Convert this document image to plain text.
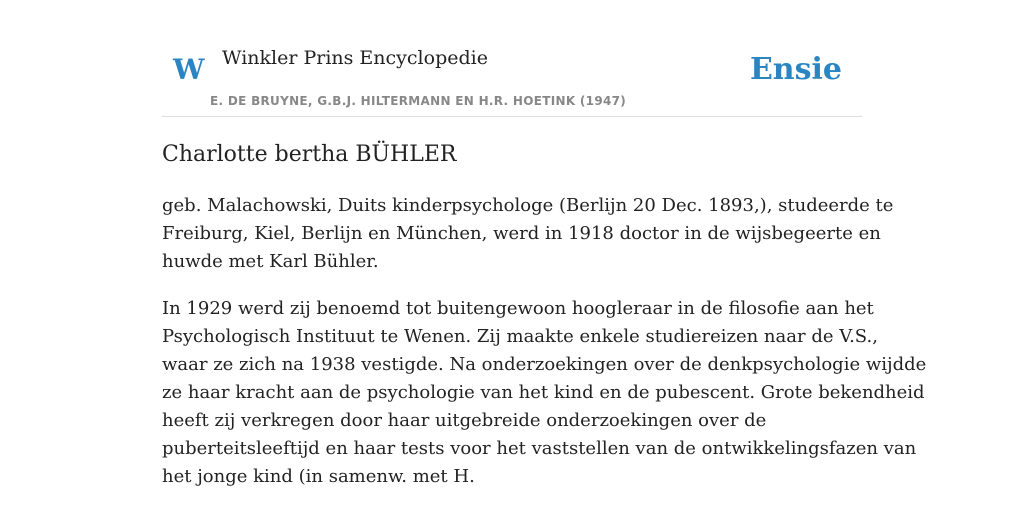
W Winkler Prins Encyclopedie
E. DE BRUYNE, G.B.J. HILTERMANN EN H.R. HOETINK (1947)
Ensie
Charlotte bertha BÜHLER

geb. Malachowski, Duits kinderpsychologe (Berlijn 20 Dec. 1893,), studeerde te
Freiburg, Kiel, Berlijn en München, werd in 1918 doctor in de wijsbegeerte en
huwde met Karl Bühler.

In 1929 werd zij benoemd tot buitengewoon hoogleraar in de filosofie aan het
Psychologisch Instituut te Wenen. Zij maakte enkele studiereizen naar de V.S.,
waar ze zich na 1938 vestigde. Na onderzoekingen over de denkpsychologie wijdde
ze haar kracht aan de psychologie van het kind en de pubescent. Grote bekendheid
heeft zij verkregen door haar uitgebreide onderzoekingen over de
puberteitsleeftijd en haar tests voor het vaststellen van de ontwikkelingsfazen van
het jonge kind (in samenw. met H.
